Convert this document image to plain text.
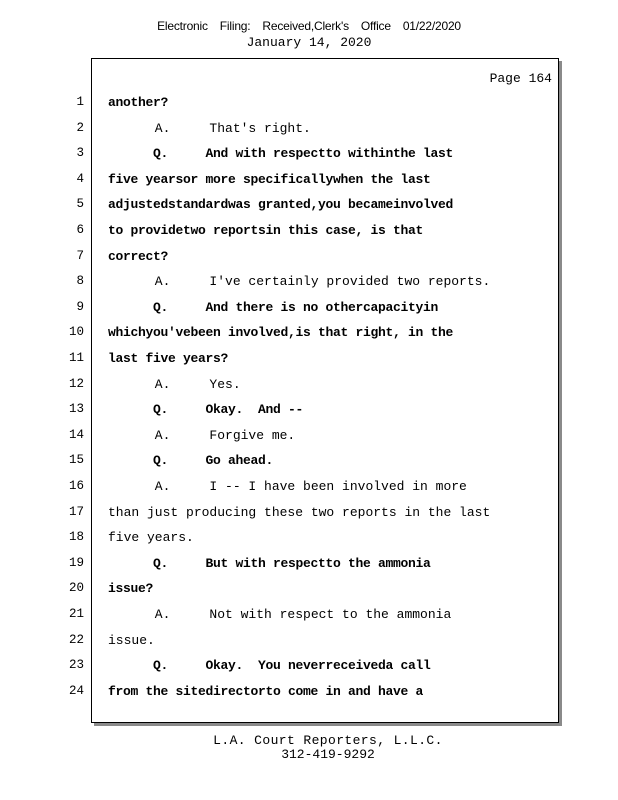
Electronic Filing: Received,Clerk's Office 01/22/2020
January 14, 2020
Page 164
1 another?
2 A.     That's right.
3 Q.     And with respectto withinthe last
4 five yearsor more specificallywhen the last
5 adjustedstandardwas granted,you becameinvolved
6 to providetwo reportsin this case, is that
7 correct?
8 A.     I've certainly provided two reports.
9 Q.     And there is no othercapacityin
10 whichyou'vebeen involved,is that right, in the
11 last five years?
12 A.     Yes.
13 Q.     Okay.  And --
14 A.     Forgive me.
15 Q.     Go ahead.
16 A.     I -- I have been involved in more
17 than just producing these two reports in the last
18 five years.
19 Q.     But with respectto the ammonia
20 issue?
21 A.     Not with respect to the ammonia
22 issue.
23 Q.     Okay.  You neverreceiveda call
24 from the sitedirectorto come in and have a
L.A. Court Reporters, L.L.C.
312-419-9292
